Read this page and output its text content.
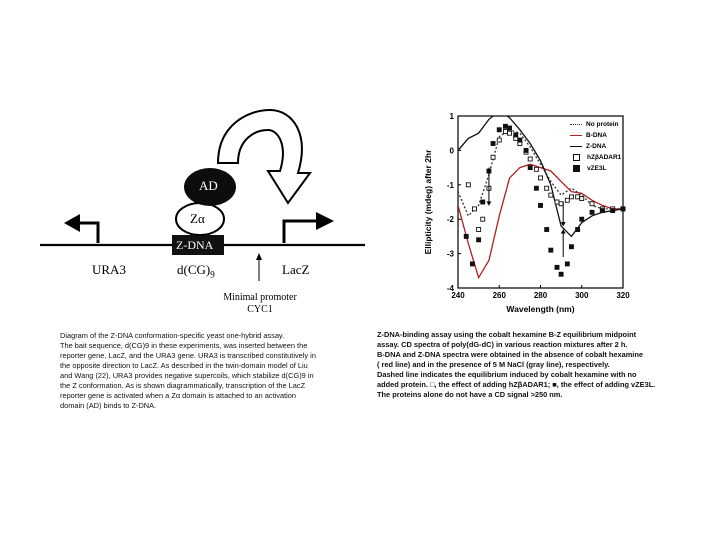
AD
Zα
Z-DNA
URA3	$d(CG)_9$	LacZ
Minimal promoter
CYC1
Diagram of the Z-DNA conformation-specific yeast one-hybrid assay.
The bait sequence, d(CG)9 in these experiments, was inserted between the
reporter gene, LacZ, and the URA3 gene. URA3 is transcribed constitutively in
the opposite direction to LacZ. As described in the twin-domain model of Liu
and Wang (22), URA3 provides negative supercoils, which stabilize d(CG)9 in
the Z conformation. As is shown diagrammatically, transcription of the LacZ
reporter gene is activated when a Zα domain is attached to an activation
domain (AD) binds to Z-DNA.
240	260	280	300	320
1
0
-1
-2
-3
-4
Wavelength (nm)
Ellipticity (mdeg) after 2hr
No protein
B-DNA
Z-DNA
hZβADAR1
vZE3L
Z-DNA-binding assay using the cobalt hexamine B-Z equilibrium midpoint
assay. CD spectra of poly(dG-dC) in various reaction mixtures after 2 h.
B-DNA and Z-DNA spectra were obtained in the absence of cobalt hexamine
( red line) and in the presence of 5 M NaCl (gray line), respectively.
Dashed line indicates the equilibrium induced by cobalt hexamine with no
added protein. □, the effect of adding hZβADAR1; ■, the effect of adding vZE3L.
The proteins alone do not have a CD signal >250 nm.
